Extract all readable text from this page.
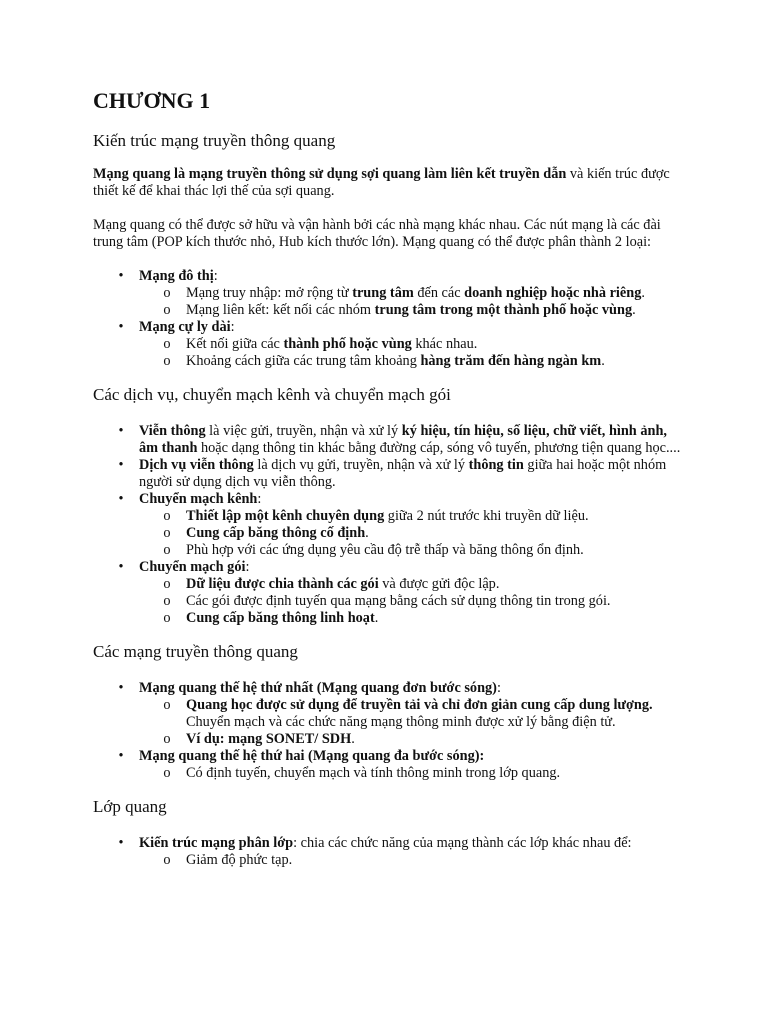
CHƯƠNG 1
Kiến trúc mạng truyền thông quang

Mạng quang là mạng truyền thông sử dụng sợi quang làm liên kết truyền dẫn và kiến trúc được thiết kế để khai thác lợi thế của sợi quang.

Mạng quang có thể được sở hữu và vận hành bởi các nhà mạng khác nhau. Các nút mạng là các đài trung tâm (POP kích thước nhỏ, Hub kích thước lớn). Mạng quang có thể được phân thành 2 loại:

• Mạng đô thị:
o Mạng truy nhập: mở rộng từ trung tâm đến các doanh nghiệp hoặc nhà riêng.
o Mạng liên kết: kết nối các nhóm trung tâm trong một thành phố hoặc vùng.
• Mạng cự ly dài:
o Kết nối giữa các thành phố hoặc vùng khác nhau.
o Khoảng cách giữa các trung tâm khoảng hàng trăm đến hàng ngàn km.
Các dịch vụ, chuyển mạch kênh và chuyển mạch gói
• Viễn thông là việc gửi, truyền, nhận và xử lý ký hiệu, tín hiệu, số liệu, chữ viết, hình ảnh, âm thanh hoặc dạng thông tin khác bằng đường cáp, sóng vô tuyến, phương tiện quang học....
• Dịch vụ viễn thông là dịch vụ gửi, truyền, nhận và xử lý thông tin giữa hai hoặc một nhóm người sử dụng dịch vụ viễn thông.
• Chuyển mạch kênh:
o Thiết lập một kênh chuyên dụng giữa 2 nút trước khi truyền dữ liệu.
o Cung cấp băng thông cố định.
o Phù hợp với các ứng dụng yêu cầu độ trễ thấp và băng thông ổn định.
• Chuyển mạch gói:
o Dữ liệu được chia thành các gói và được gửi độc lập.
o Các gói được định tuyến qua mạng bằng cách sử dụng thông tin trong gói.
o Cung cấp băng thông linh hoạt.
Các mạng truyền thông quang
• Mạng quang thế hệ thứ nhất (Mạng quang đơn bước sóng):
o Quang học được sử dụng để truyền tải và chỉ đơn giản cung cấp dung lượng. Chuyển mạch và các chức năng mạng thông minh được xử lý bằng điện tử.
o Ví dụ: mạng SONET/ SDH.
• Mạng quang thế hệ thứ hai (Mạng quang đa bước sóng):
o Có định tuyến, chuyển mạch và tính thông minh trong lớp quang.
Lớp quang
• Kiến trúc mạng phân lớp: chia các chức năng của mạng thành các lớp khác nhau để:
o Giảm độ phức tạp.
